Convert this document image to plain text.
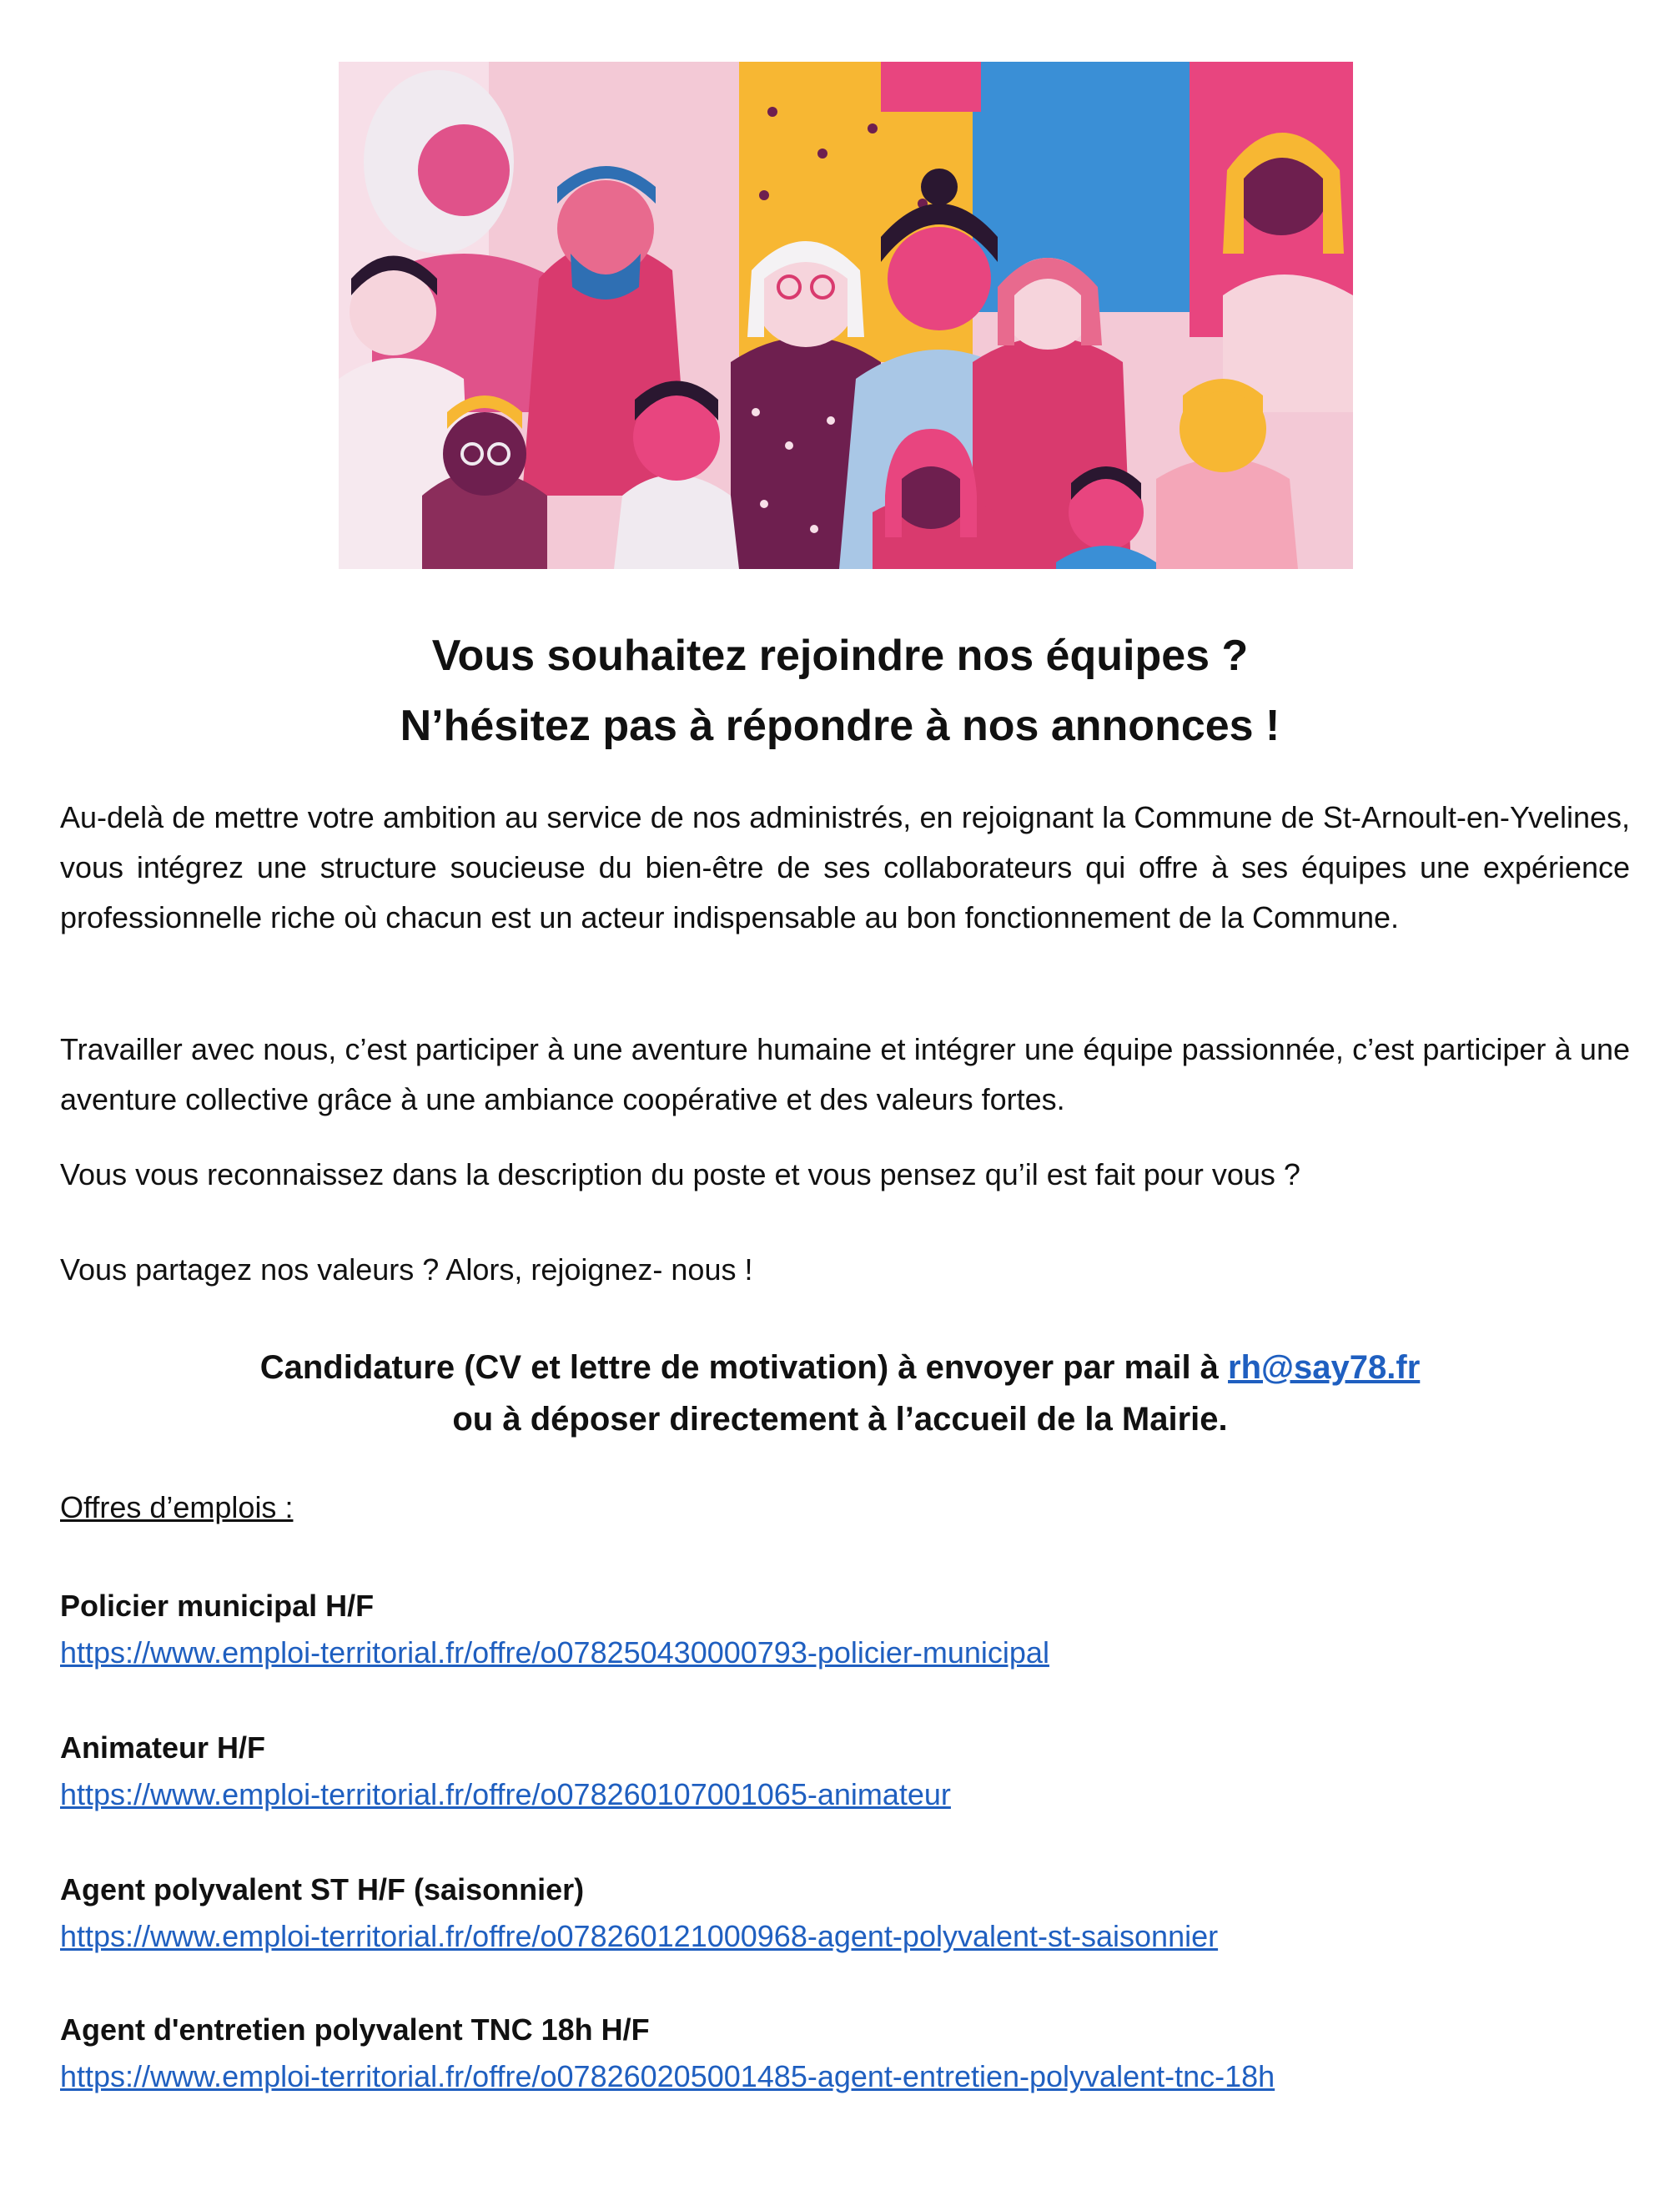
Vous souhaitez rejoindre nos équipes ?
N’hésitez pas à répondre à nos annonces !

Au-delà de mettre votre ambition au service de nos administrés, en rejoignant la Commune de St-Arnoult-en-Yvelines, vous intégrez une structure soucieuse du bien-être de ses collaborateurs qui offre à ses équipes une expérience professionnelle riche où chacun est un acteur indispensable au bon fonctionnement de la Commune.

Travailler avec nous, c’est participer à une aventure humaine et intégrer une équipe passionnée, c’est participer à une aventure collective grâce à une ambiance coopérative et des valeurs fortes.

Vous vous reconnaissez dans la description du poste et vous pensez qu’il est fait pour vous ?

Vous partagez nos valeurs ? Alors, rejoignez- nous !

Candidature (CV et lettre de motivation) à envoyer par mail à rh@say78.fr
ou à déposer directement à l’accueil de la Mairie.
Offres d’emplois :
Policier municipal H/F
https://www.emploi-territorial.fr/offre/o078250430000793-policier-municipal
Animateur H/F
https://www.emploi-territorial.fr/offre/o078260107001065-animateur
Agent polyvalent ST H/F (saisonnier)
https://www.emploi-territorial.fr/offre/o078260121000968-agent-polyvalent-st-saisonnier
Agent d'entretien polyvalent TNC 18h H/F
https://www.emploi-territorial.fr/offre/o078260205001485-agent-entretien-polyvalent-tnc-18h
